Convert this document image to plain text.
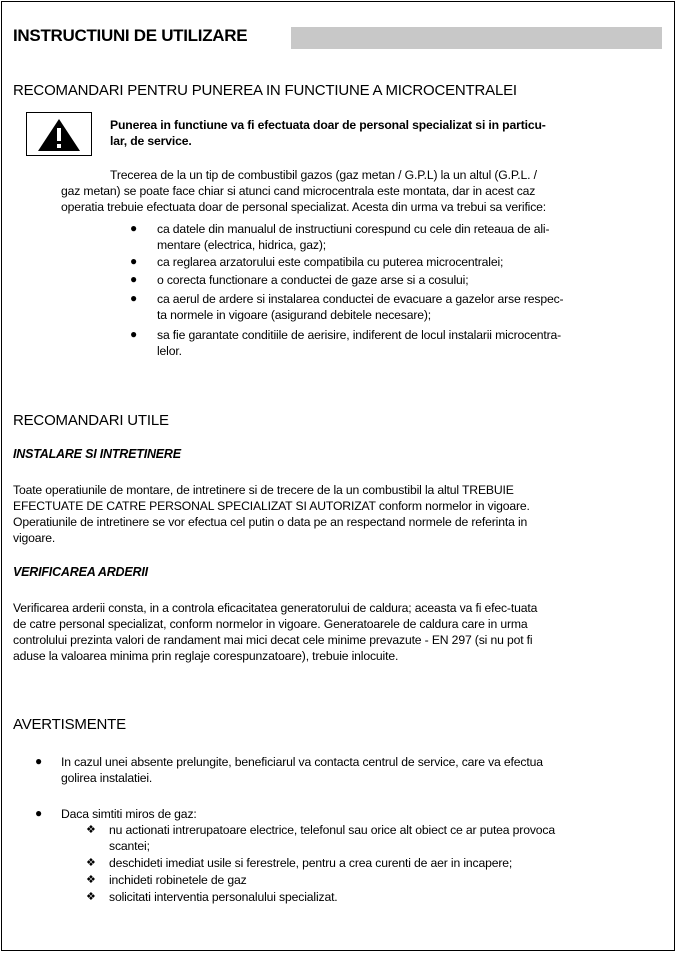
INSTRUCTIUNI DE UTILIZARE
RECOMANDARI PENTRU PUNEREA IN FUNCTIUNE A MICROCENTRALEI
Punerea in functiune va fi efectuata doar de personal specializat si in particu-
lar, de service.
Trecerea de la un tip de combustibil gazos (gaz metan / G.P.L) la un altul (G.P.L. /
gaz metan) se poate face chiar si atunci cand microcentrala este montata, dar in acest caz
operatia trebuie efectuata doar de personal specializat. Acesta din urma va trebui sa verifice:
● ca datele din manualul de instructiuni corespund cu cele din reteaua de ali-
mentare (electrica, hidrica, gaz);
● ca reglarea arzatorului este compatibila cu puterea microcentralei;
● o corecta functionare a conductei de gaze arse si a cosului;
● ca aerul de ardere si instalarea conductei de evacuare a gazelor arse respec-
ta normele in vigoare (asigurand debitele necesare);
● sa fie garantate conditiile de aerisire, indiferent de locul instalarii microcentra-
lelor.
RECOMANDARI UTILE
INSTALARE SI INTRETINERE
Toate operatiunile de montare, de intretinere si de trecere de la un combustibil la altul TREBUIE
EFECTUATE DE CATRE PERSONAL SPECIALIZAT SI AUTORIZAT conform normelor in vigoare.
Operatiunile de intretinere se vor efectua cel putin o data pe an respectand normele de referinta in
vigoare.
VERIFICAREA ARDERII
Verificarea arderii consta, in a controla eficacitatea generatorului de caldura; aceasta va fi efec-tuata
de catre personal specializat, conform normelor in vigoare. Generatoarele de caldura care in urma
controlului prezinta valori de randament mai mici decat cele minime prevazute - EN 297 (si nu pot fi
aduse la valoarea minima prin reglaje corespunzatoare), trebuie inlocuite.
AVERTISMENTE
● In cazul unei absente prelungite, beneficiarul va contacta centrul de service, care va efectua
golirea instalatiei.
● Daca simtiti miros de gaz:
❖ nu actionati intrerupatoare electrice, telefonul sau orice alt obiect ce ar putea provoca
scantei;
❖ deschideti imediat usile si ferestrele, pentru a crea curenti de aer in incapere;
❖ inchideti robinetele de gaz
❖ solicitati interventia personalului specializat.
